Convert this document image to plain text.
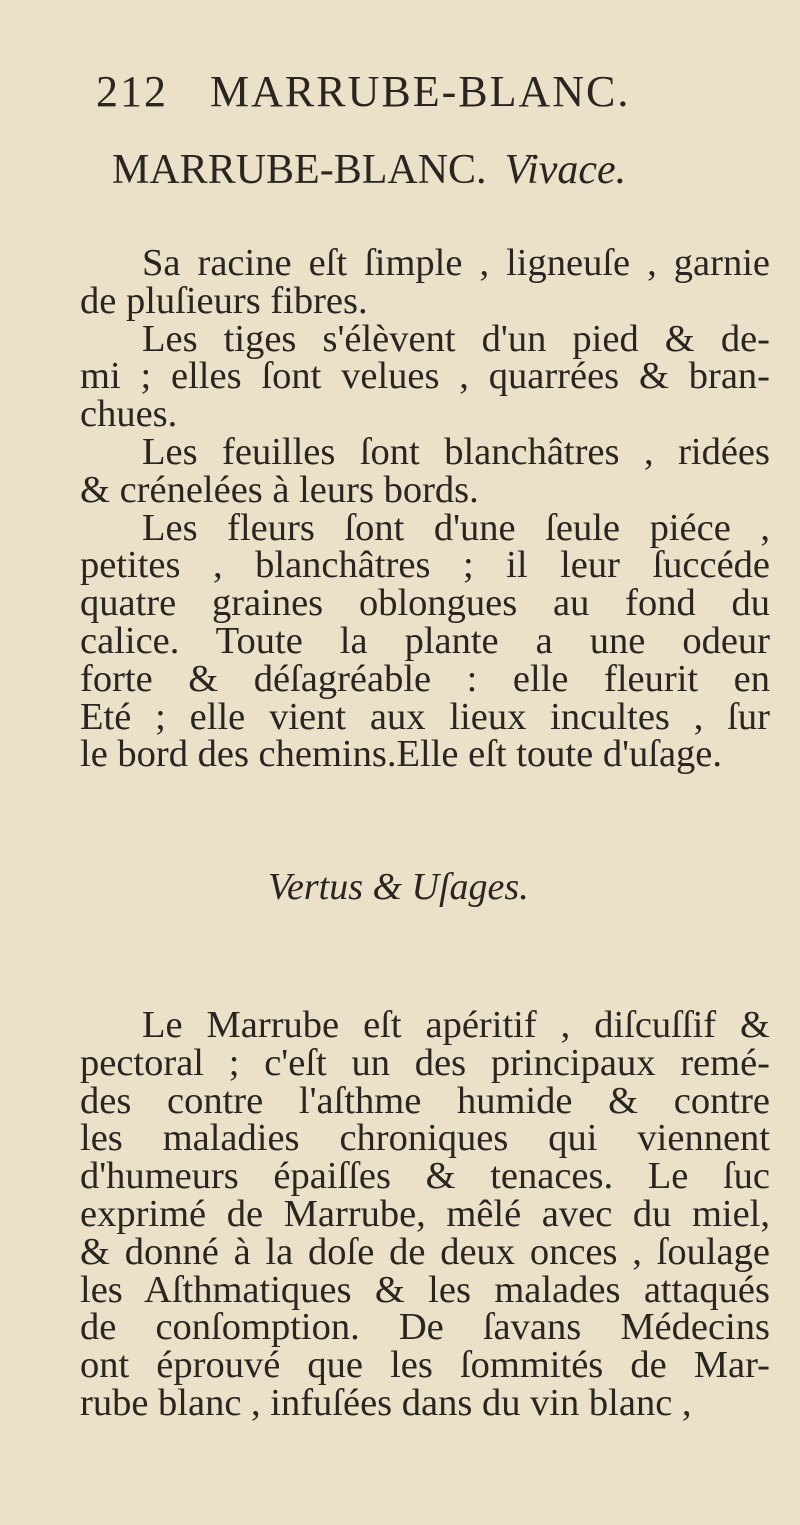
212 MARRUBE-BLANC.
MARRUBE-BLANC. Vivace.
Sa racine eſt ſimple , ligneuſe , garnie
de pluſieurs fibres.
Les tiges s'élèvent d'un pied & de-
mi ; elles ſont velues , quarrées & bran-
chues.
Les feuilles ſont blanchâtres , ridées
& crénelées à leurs bords.
Les fleurs ſont d'une ſeule piéce ,
petites , blanchâtres ; il leur ſuccéde
quatre graines oblongues au fond du
calice. Toute la plante a une odeur
forte & déſagréable : elle fleurit en
Eté ; elle vient aux lieux incultes , ſur
le bord des chemins.Elle eſt toute d'uſage.
Vertus & Uſages.
Le Marrube eſt apéritif , diſcuſſif &
pectoral ; c'eſt un des principaux remé-
des contre l'aſthme humide & contre
les maladies chroniques qui viennent
d'humeurs épaiſſes & tenaces. Le ſuc
exprimé de Marrube, mêlé avec du miel,
& donné à la doſe de deux onces , ſoulage
les Aſthmatiques & les malades attaqués
de conſomption. De ſavans Médecins
ont éprouvé que les ſommités de Mar-
rube blanc , infuſées dans du vin blanc ,
